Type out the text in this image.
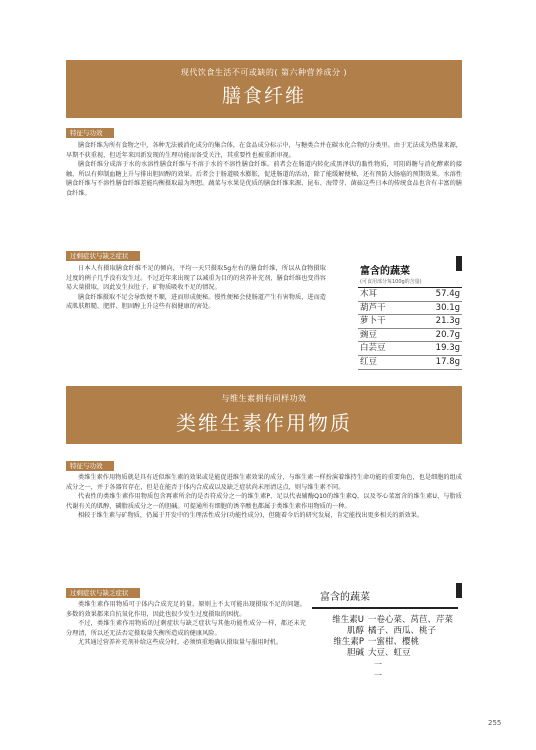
现代饮食生活不可或缺的( 第六种营养成分 )
膳食纤维
特征与功效

膳食纤维为所有食物之中，各种无法被消化成分的集合体，在食品成分标示中，与糖类合并在碳水化合物的分类里。由于无法成为热量来源，早期不获重视，但近年来因新发现的生理功能而备受关注，其重要性也被重新审视。

膳食纤维分成溶于水的水溶性膳食纤维与不溶于水的不溶性膳食纤维。前者会在肠道内转化成黑泽状的黏性物质，可阻碍糖与消化酵素的接触，所以有抑制血糖上升与排出胆固醇的效果。后者会于肠道吸水膨胀，促进肠道的活动，除了能缓解便秘，还有预防大肠癌的预期效果。水溶性膳食纤维与不溶性膳食纤维差能均衡摄取最为理想。蔬菜与水果是优质的膳食纤维来源，昆布、海带芽、菌菇这些日本的传统食品也含有丰富的膳食纤维。

过剩症状与缺乏症状

日本人有摄取膳食纤维不足的倾向，平均一天只摄取5g左右的膳食纤维，所以从食物摄取过度的例子几乎没有发生过。不过近年来出现了以减重为目的的营养补充剂，膳食纤维也变得容易大量摄取，因此发生拉肚子、矿物质吸收不足的情况。

膳食纤维摄取不足会导致便不顺，进而形成便秘。慢性便秘会使肠道产生有害物质，进而造成肌肤粗糙、肥胖、胆固醇上升这些有损健康的害处。

富含的蔬菜
(可食用部分每100g的含量)
木耳	57.4g
葫芦干	30.1g
萝卜干	21.3g
豌豆	20.7g
白芸豆	19.3g
红豆	17.8g
与维生素拥有同样功效
类维生素作用物质
特征与功效

类维生素作用物质就是具有近似维生素的效果或是能促进维生素效果的成分，与维生素一样扮演着维持生命功能的重要角色，也是细胞的组成成分之一，并于各器官存在，但是在能否于体内合成或以及缺乏症状尚未厘清这点，则与维生素不同。

代表性的类维生素作用物质包含再素所余的是否符成分之一的维生素P、足以代表辅酶Q10的维生素Q，以及苓心菜富含的维生素U、与脂质代谢有关的肌醇、磷脂质成分之一的胆碱。可提通所有细胞的诱辛酸也都属于类维生素作用物质的一种。

相较于维生素与矿物质，仍属于开发中的生理活性成分(功能性成分)，但随着今后的研究发展，肯定能找出更多相关的新效果。

过剩症状与缺乏症状

类维生素作用物质可于体内合成充足的量，原则上不太可能出现摄取不足的问题。多数的效果都来自抗氧化作用，因此也很少发生过度摄取的困扰。

不过，类维生素作用物质的过剩症状与缺乏症状与其他功能性成分一样，都还未充分理清，所以还无法否定摄取量失衡所造成的健康风险。

尤其通过营养补充剂补给这些成分时，必须慎重地确认摄取量与服用时机。

富含的蔬菜
维生素U 一卷心菜、莴苣、芹菜
肌醇 橘子、西瓜、桃子
维生素P 一蜜柑、樱桃
胆碱 大豆、虹豆
一
一
255
